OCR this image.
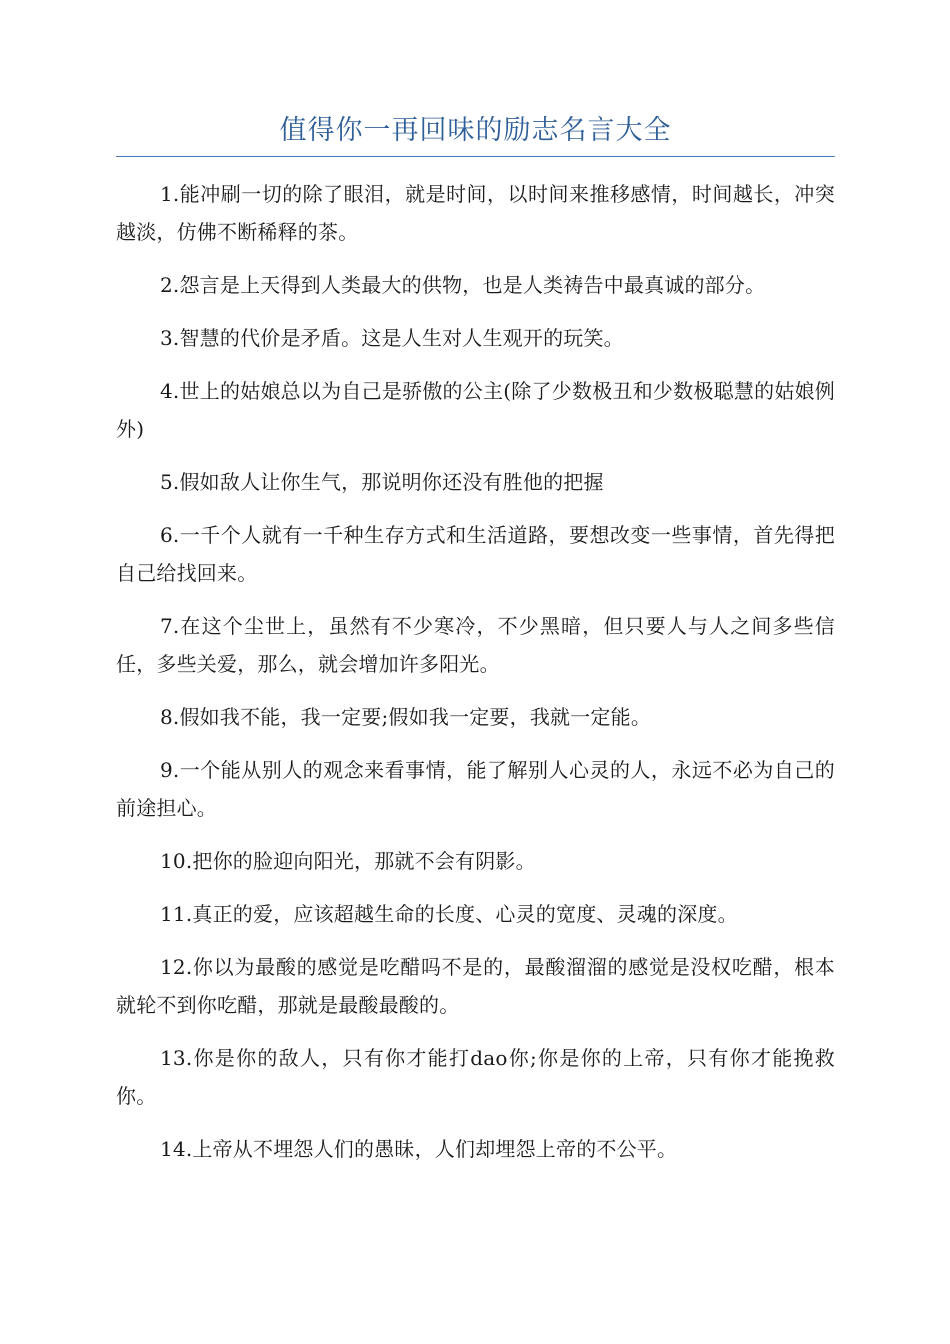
值得你一再回味的励志名言大全

1.能冲刷一切的除了眼泪，就是时间，以时间来推移感情，时间越长，冲突越淡，仿佛不断稀释的茶。

2.怨言是上天得到人类最大的供物，也是人类祷告中最真诚的部分。

3.智慧的代价是矛盾。这是人生对人生观开的玩笑。

4.世上的姑娘总以为自己是骄傲的公主(除了少数极丑和少数极聪慧的姑娘例外)

5.假如敌人让你生气，那说明你还没有胜他的把握

6.一千个人就有一千种生存方式和生活道路，要想改变一些事情，首先得把自己给找回来。

7.在这个尘世上，虽然有不少寒冷，不少黑暗，但只要人与人之间多些信任，多些关爱，那么，就会增加许多阳光。

8.假如我不能，我一定要;假如我一定要，我就一定能。

9.一个能从别人的观念来看事情，能了解别人心灵的人，永远不必为自己的前途担心。

10.把你的脸迎向阳光，那就不会有阴影。

11.真正的爱，应该超越生命的长度、心灵的宽度、灵魂的深度。

12.你以为最酸的感觉是吃醋吗不是的，最酸溜溜的感觉是没权吃醋，根本就轮不到你吃醋，那就是最酸最酸的。

13.你是你的敌人，只有你才能打dao你;你是你的上帝，只有你才能挽救你。

14.上帝从不埋怨人们的愚昧，人们却埋怨上帝的不公平。
